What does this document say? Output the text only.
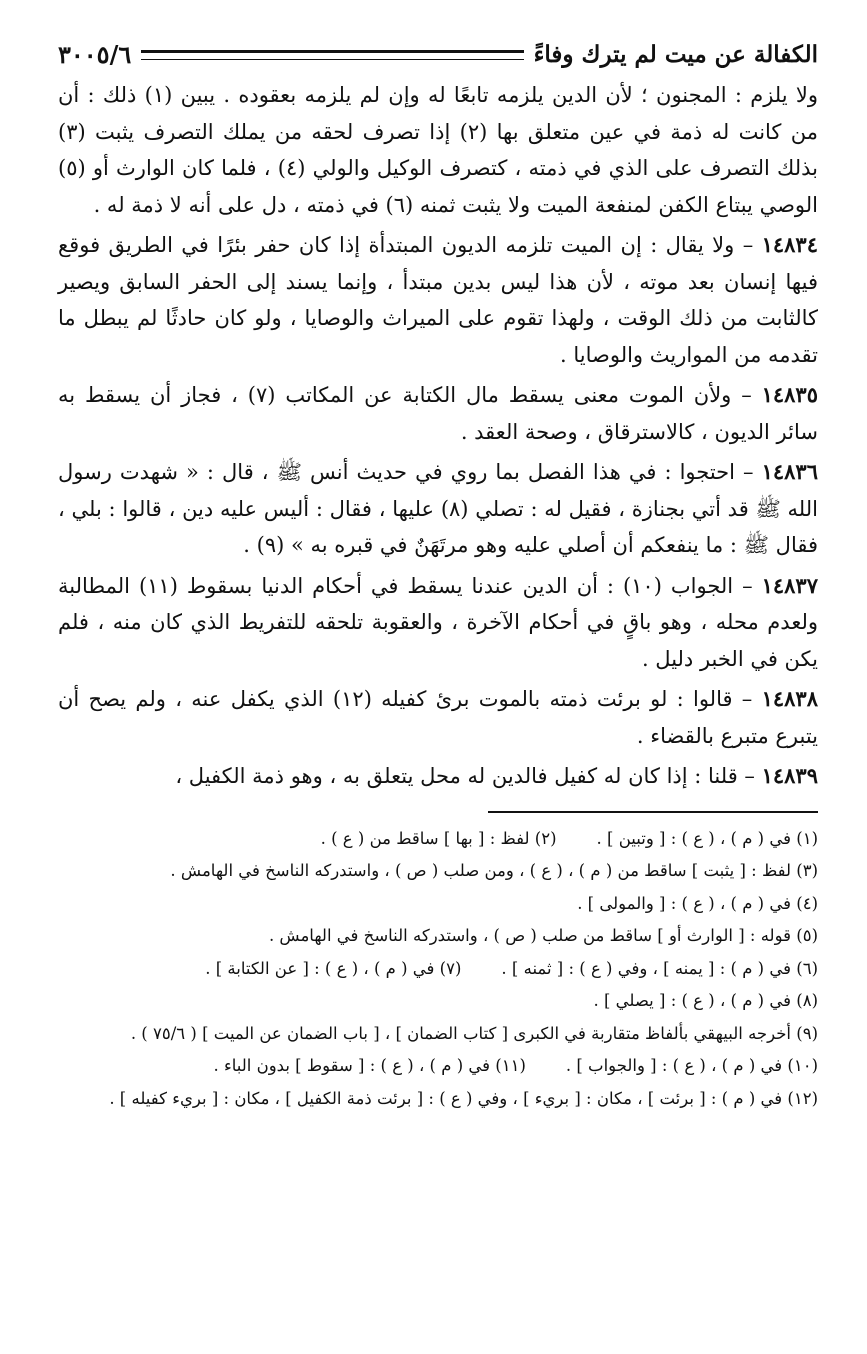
الكفالة عن ميت لم يترك وفاءً
٣٠٠٥/٦

ولا يلزم : المجنون ؛ لأن الدين يلزمه تابعًا له وإن لم يلزمه بعقوده . يبين (١) ذلك : أن من كانت له ذمة في عين متعلق بها (٢) إذا تصرف لحقه من يملك التصرف يثبت (٣) بذلك التصرف على الذي في ذمته ، كتصرف الوكيل والولي (٤) ، فلما كان الوارث أو (٥) الوصي يبتاع الكفن لمنفعة الميت ولا يثبت ثمنه (٦) في ذمته ، دل على أنه لا ذمة له .

١٤٨٣٤ – ولا يقال : إن الميت تلزمه الديون المبتدأة إذا كان حفر بئرًا في الطريق فوقع فيها إنسان بعد موته ، لأن هذا ليس بدين مبتدأ ، وإنما يسند إلى الحفر السابق ويصير كالثابت من ذلك الوقت ، ولهذا تقوم على الميراث والوصايا ، ولو كان حادثًا لم يبطل ما تقدمه من المواريث والوصايا .

١٤٨٣٥ – ولأن الموت معنى يسقط مال الكتابة عن المكاتب (٧) ، فجاز أن يسقط به سائر الديون ، كالاسترقاق ، وصحة العقد .

١٤٨٣٦ – احتجوا : في هذا الفصل بما روي في حديث أنس ﷺ ، قال : « شهدت رسول الله ﷺ قد أتي بجنازة ، فقيل له : تصلي (٨) عليها ، فقال : أليس عليه دين ، قالوا : بلي ، فقال ﷺ : ما ينفعكم أن أصلي عليه وهو مرتَهَنٌ في قبره به » (٩) .

١٤٨٣٧ – الجواب (١٠) : أن الدين عندنا يسقط في أحكام الدنيا بسقوط (١١) المطالبة ولعدم محله ، وهو باقٍ في أحكام الآخرة ، والعقوبة تلحقه للتفريط الذي كان منه ، فلم يكن في الخبر دليل .

١٤٨٣٨ – قالوا : لو برئت ذمته بالموت برئ كفيله (١٢) الذي يكفل عنه ، ولم يصح أن يتبرع متبرع بالقضاء .

١٤٨٣٩ – قلنا : إذا كان له كفيل فالدين له محل يتعلق به ، وهو ذمة الكفيل ،

(١) في ( م ) ، ( ع ) : [ وتبين ] .
(٢) لفظ : [ بها ] ساقط من ( ع ) .

(٣) لفظ : [ يثبت ] ساقط من ( م ) ، ( ع ) ، ومن صلب ( ص ) ، واستدركه الناسخ في الهامش .

(٤) في ( م ) ، ( ع ) : [ والمولى ] .

(٥) قوله : [ الوارث أو ] ساقط من صلب ( ص ) ، واستدركه الناسخ في الهامش .

(٦) في ( م ) : [ يمنه ] ، وفي ( ع ) : [ ثمنه ] .
(٧) في ( م ) ، ( ع ) : [ عن الكتابة ] .

(٨) في ( م ) ، ( ع ) : [ يصلي ] .

(٩) أخرجه البيهقي بألفاظ متقاربة في الكبرى [ كتاب الضمان ] ، [ باب الضمان عن الميت ] ( ٧٥/٦ ) .

(١٠) في ( م ) ، ( ع ) : [ والجواب ] .
(١١) في ( م ) ، ( ع ) : [ سقوط ] بدون الباء .

(١٢) في ( م ) : [ برئت ] ، مكان : [ بريء ] ، وفي ( ع ) : [ برئت ذمة الكفيل ] ، مكان : [ بريء كفيله ] .
